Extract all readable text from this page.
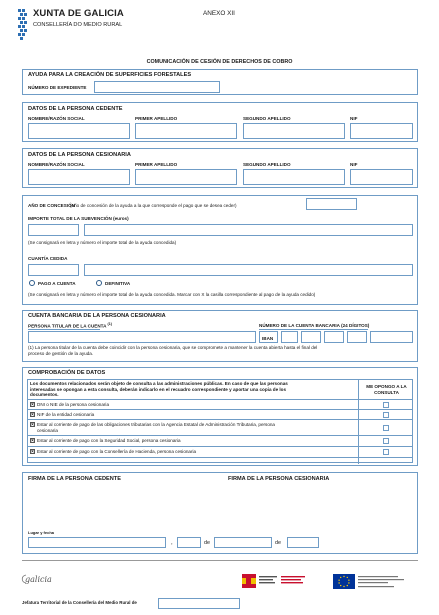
XUNTA DE GALICIA
CONSELLERÍA DO MEDIO RURAL
ANEXO XII
COMUNICACIÓN DE CESIÓN DE DERECHOS DE COBRO
AYUDA PARA LA CREACIÓN DE SUPERFICIES FORESTALES
NÚMERO DE EXPEDIENTE
DATOS DE LA PERSONA CEDENTE
NOMBRE/RAZÓN SOCIAL	PRIMER APELLIDO	SEGUNDO APELLIDO	NIF
DATOS DE LA PERSONA CESIONARIA
NOMBRE/RAZÓN SOCIAL	PRIMER APELLIDO	SEGUNDO APELLIDO	NIF
AÑO DE CONCESIÓN
(año de concesión de la ayuda a la que corresponde el pago que se desea ceder)
IMPORTE TOTAL DE LA SUBVENCIÓN (euros)
(Se consignará en letra y número el importe total de la ayuda concedida)
CUANTÍA CEDIDA
PAGO A CUENTA	DEFINITIVA
(Se consignará en letra y número el importe total de la ayuda concedida. Marcar con X la casilla correspondiente al pago de la ayuda cedido)
CUENTA BANCARIA DE LA PERSONA CESIONARIA
PERSONA TITULAR DE LA CUENTA $^{(1)}$	NÚMERO DE LA CUENTA BANCARIA (24 DÍGITOS)
IBAN
(1) La persona titular de la cuenta debe coincidir con la persona cesionaria, que se compromete a mantener la cuenta abierta hasta el final del
proceso de gestión de la ayuda.
COMPROBACIÓN DE DATOS
Los documentos relacionados serán objeto de consulta a las administraciones públicas. En caso de que las personas
interesadas se opongan a esta consulta, deberán indicarlo en el recuadro correspondiente y aportar una copia de los
documentos.
ME OPONGO A LA
CONSULTA
× DNI o NIE de la persona cesionaria
× NIF de la entidad cesionaria
× Estar al corriente de pago de las obligaciones tributarias con la Agencia Estatal de Administración Tributaria, persona
cesionaria
× Estar al corriente de pago con la Seguridad Social, persona cesionaria
× Estar al corriente de pago con la Consellería de Hacienda, persona cesionaria
FIRMA DE LA PERSONA CEDENTE	FIRMA DE LA PERSONA CESIONARIA
Lugar y fecha
,	de	de
galicia
Jefatura Territorial de la Consellería del Medio Rural de
